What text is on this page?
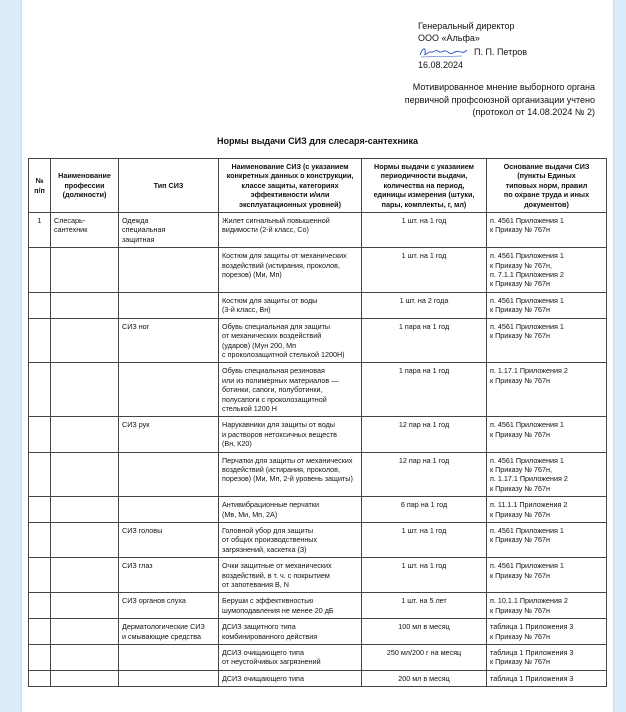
Генеральный директор
ООО «Альфа»
П. П. Петров
16.08.2024
Мотивированное мнение выборного органа
первичной профсоюзной организации учтено
(протокол от 14.08.2024 № 2)
Нормы выдачи СИЗ для слесаря-сантехника
№
п/п	Наименование
профессии
(должности)	Тип СИЗ	Наименование СИЗ (с указанием
конкретных данных о конструкции,
классе защиты, категориях
эффективности и/или
эксплуатационных уровней)	Нормы выдачи с указанием
периодичности выдачи,
количества на период,
единицы измерения (штуки,
пары, комплекты, г, мл)	Основание выдачи СИЗ
(пункты Единых
типовых норм, правил
по охране труда и иных
документов)
1	Слесарь-
сантехник	Одежда
специальная
защитная	Жилет сигнальный повышенной
видимости (2-й класс, Со)	1 шт. на 1 год	п. 4561 Приложения 1
к Приказу № 767н
			Костюм для защиты от механических
воздействий (истирания, проколов,
порезов) (Ми, Мп)	1 шт. на 1 год	п. 4561 Приложения 1
к Приказу № 767н,
п. 7.1.1 Приложения 2
к Приказу № 767н
			Костюм для защиты от воды
(3-й класс, Вн)	1 шт. на 2 года	п. 4561 Приложения 1
к Приказу № 767н
		СИЗ ног	Обувь специальная для защиты
от механических воздействий
(ударов) (Мун 200, Мп
с проколозащитной стелькой 1200Н)	1 пара на 1 год	п. 4561 Приложения 1
к Приказу № 767н
			Обувь специальная резиновая
или из полимерных материалов —
ботинки, сапоги, полуботинки,
полусапоги с проколозащитной
стелькой 1200 Н	1 пара на 1 год	п. 1.17.1 Приложения 2
к Приказу № 767н
		СИЗ рук	Нарукавники для защиты от воды
и растворов нетоксичных веществ
(Вн, К20)	12 пар на 1 год	п. 4561 Приложения 1
к Приказу № 767н
			Перчатки для защиты от механических
воздействий (истирания, проколов,
порезов) (Ми, Мп, 2-й уровень защиты)	12 пар на 1 год	п. 4561 Приложения 1
к Приказу № 767н,
п. 1.17.1 Приложения 2
к Приказу № 767н
			Антивибрационные перчатки
(Мв, Ми, Мп, 2А)	6 пар на 1 год	п. 11.1.1 Приложения 2
к Приказу № 767н
		СИЗ головы	Головной убор для защиты
от общих производственных
загрязнений, каскетка (З)	1 шт. на 1 год	п. 4561 Приложения 1
к Приказу № 767н
		СИЗ глаз	Очки защитные от механических
воздействий, в т. ч. с покрытием
от запотевания В, N	1 шт. на 1 год	п. 4561 Приложения 1
к Приказу № 767н
		СИЗ органов слуха	Беруши с эффективностью
шумоподавления не менее 20 дБ	1 шт. на 5 лет	п. 10.1.1 Приложения 2
к Приказу № 767н
		Дерматологические СИЗ
и смывающие средства	ДСИЗ защитного типа
комбинированного действия	100 мл в месяц	таблица 1 Приложения 3
к Приказу № 767н
			ДСИЗ очищающего типа
от неустойчивых загрязнений	250 мл/200 г на месяц	таблица 1 Приложения 3
к Приказу № 767н
			ДСИЗ очищающего типа	200 мл в месяц	таблица 1 Приложения 3
